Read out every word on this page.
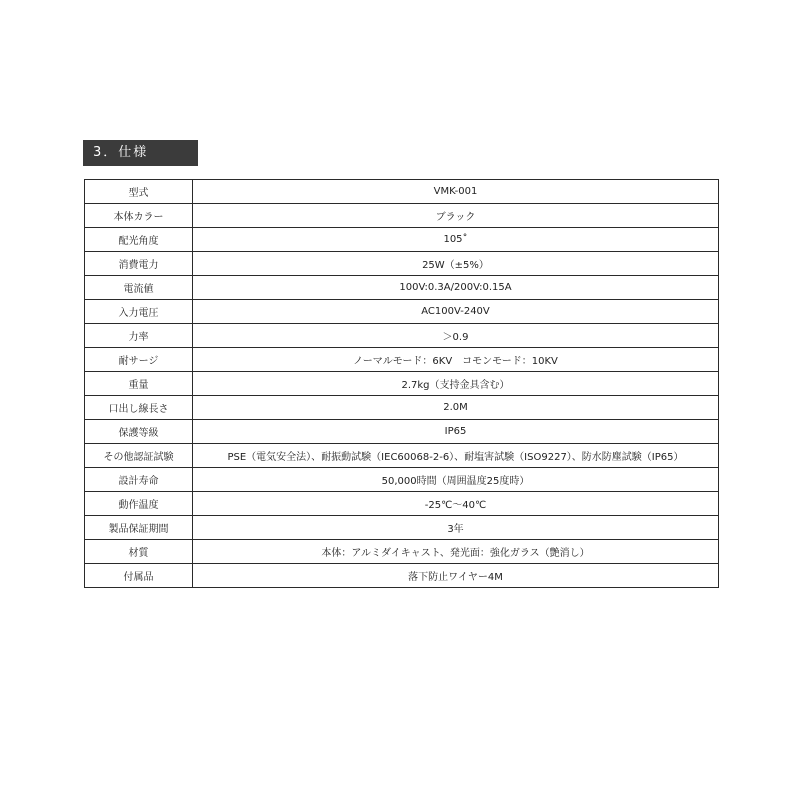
3．仕様
型式	VMK-001
本体カラー	ブラック
配光角度	105˚
消費電力	25W（±5%）
電流値	100V:0.3A/200V:0.15A
入力電圧	AC100V-240V
力率	＞0.9
耐サージ	ノーマルモード：6KV　コモンモード：10KV
重量	2.7kg（支持金具含む）
口出し線長さ	2.0M
保護等級	IP65
その他認証試験	PSE（電気安全法）、耐振動試験（IEC60068-2-6）、耐塩害試験（ISO9227）、防水防塵試験（IP65）
設計寿命	50,000時間（周囲温度25度時）
動作温度	-25℃～40℃
製品保証期間	3年
材質	本体：アルミダイキャスト、発光面：強化ガラス（艶消し）
付属品	落下防止ワイヤー4M
